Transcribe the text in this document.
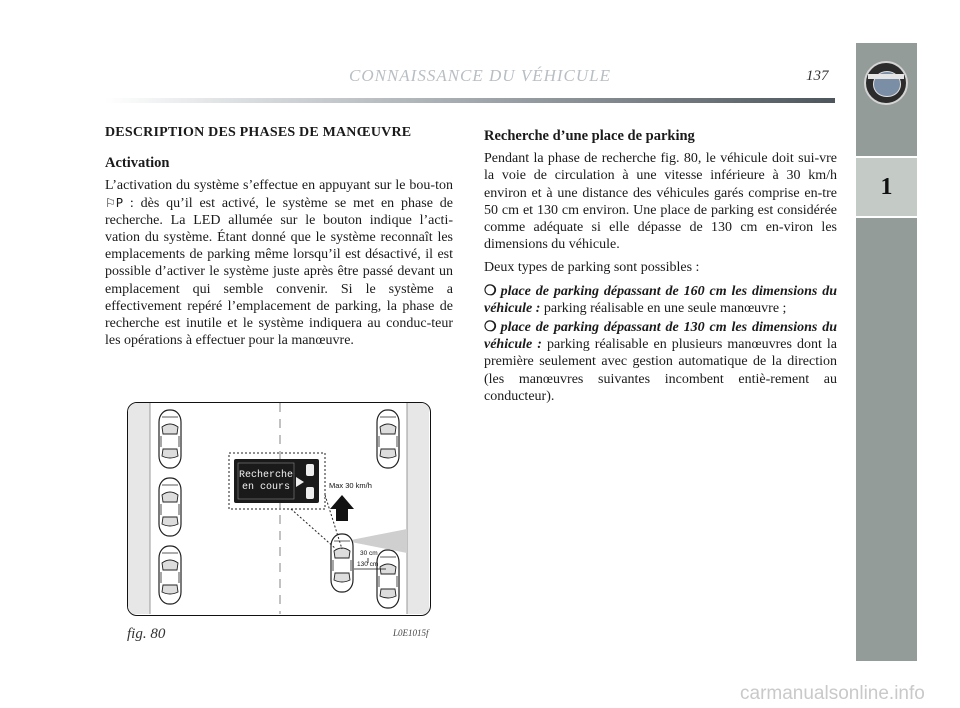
CONNAISSANCE DU VÉHICULE	137
1
DESCRIPTION DES PHASES DE MANŒUVRE
Activation

L’activation du système s’effectue en appuyant sur le bou-ton ⚐P : dès qu’il est activé, le système se met en phase de recherche. La LED allumée sur le bouton indique l’acti-vation du système. Étant donné que le système reconnaît les emplacements de parking même lorsqu’il est désactivé, il est possible d’activer le système juste après être passé devant un emplacement qui semble convenir. Si le système a effectivement repéré l’emplacement de parking, la phase de recherche est inutile et le système indiquera au conduc-teur les opérations à effectuer pour la manœuvre.

Recherche d’une place de parking

Pendant la phase de recherche fig. 80, le véhicule doit sui-vre la voie de circulation à une vitesse inférieure à 30 km/h environ et à une distance des véhicules garés comprise en-tre 50 cm et 130 cm environ. Une place de parking est considérée comme adéquate si elle dépasse de 130 cm en-viron les dimensions du véhicule.

Deux types de parking sont possibles :

❍ place de parking dépassant de 160 cm les dimensions du véhicule : parking réalisable en une seule manœuvre ;
❍ place de parking dépassant de 130 cm les dimensions du véhicule : parking réalisable en plusieurs manœuvres dont la première seulement avec gestion automatique de la direction (les manœuvres suivantes incombent entiè-rement au conducteur).
Recherche
en cours	Max 30 km/h
30 cm
130 cm
fig. 80	L0E1015f
carmanualsonline.info
